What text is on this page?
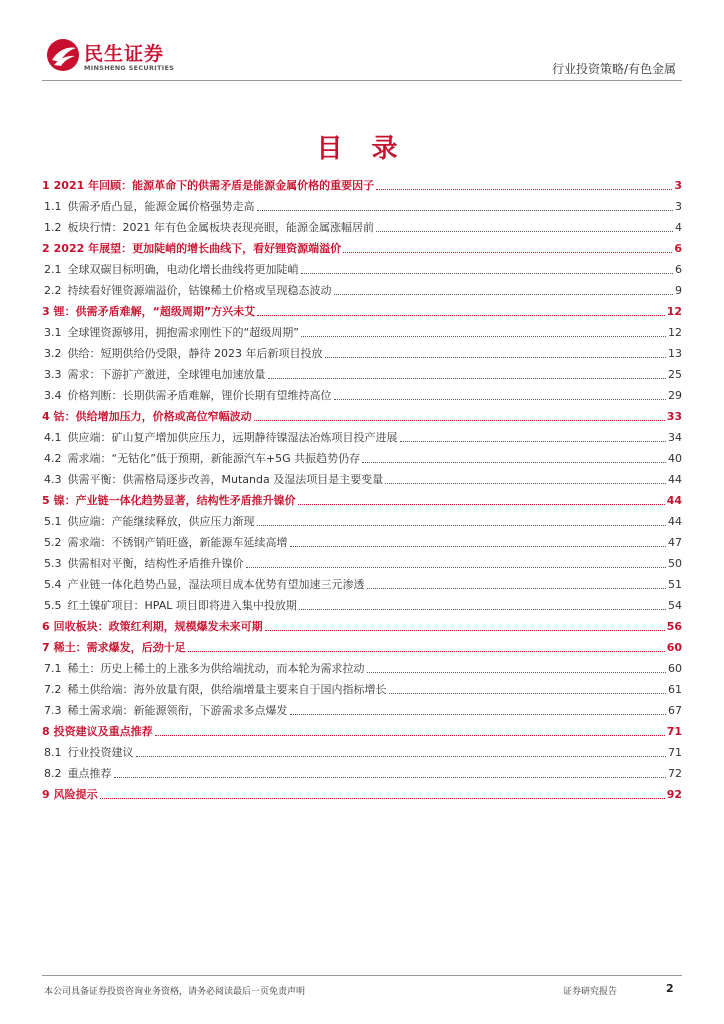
民生证券
MINSHENG SECURITIES	行业投资策略/有色金属
目 录
1 2021 年回顾：能源革命下的供需矛盾是能源金属价格的重要因子	3
1.1 供需矛盾凸显，能源金属价格强势走高	3
1.2 板块行情：2021 年有色金属板块表现亮眼，能源金属涨幅居前	4
2 2022 年展望：更加陡峭的增长曲线下，看好锂资源端溢价	6
2.1 全球双碳目标明确，电动化增长曲线将更加陡峭	6
2.2 持续看好锂资源端溢价，钴镍稀土价格或呈现稳态波动	9
3 锂：供需矛盾难解，“超级周期”方兴未艾	12
3.1 全球锂资源够用，拥抱需求刚性下的“超级周期”	12
3.2 供给：短期供给仍受限，静待 2023 年后新项目投放	13
3.3 需求：下游扩产激进，全球锂电加速放量	25
3.4 价格判断：长期供需矛盾难解，锂价长期有望维持高位	29
4 钴：供给增加压力，价格或高位窄幅波动	33
4.1 供应端：矿山复产增加供应压力，远期静待镍湿法冶炼项目投产进展	34
4.2 需求端：“无钴化”低于预期，新能源汽车+5G 共振趋势仍存	40
4.3 供需平衡：供需格局逐步改善，Mutanda 及湿法项目是主要变量	44
5 镍：产业链一体化趋势显著，结构性矛盾推升镍价	44
5.1 供应端：产能继续释放，供应压力渐现	44
5.2 需求端：不锈钢产销旺盛，新能源车延续高增	47
5.3 供需相对平衡，结构性矛盾推升镍价	50
5.4 产业链一体化趋势凸显，湿法项目成本优势有望加速三元渗透	51
5.5 红土镍矿项目：HPAL 项目即将进入集中投放期	54
6 回收板块：政策红利期，规模爆发未来可期	56
7 稀土：需求爆发，后劲十足	60
7.1 稀土：历史上稀土的上涨多为供给端扰动，而本轮为需求拉动	60
7.2 稀土供给端：海外放量有限，供给端增量主要来自于国内指标增长	61
7.3 稀土需求端：新能源领衔，下游需求多点爆发	67
8 投资建议及重点推荐	71
8.1 行业投资建议	71
8.2 重点推荐	72
9 风险提示	92
本公司具备证券投资咨询业务资格，请务必阅读最后一页免责声明	证券研究报告	2
